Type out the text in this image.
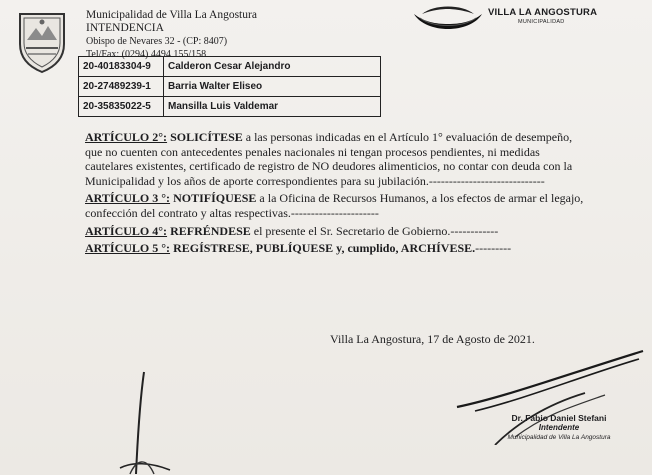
Municipalidad de Villa La Angostura
INTENDENCIA
Obispo de Nevares 32 - (CP: 8407)
Tel/Fax: (0294) 4494 155/158
VILLA LA ANGOSTURA
MUNICIPALIDAD
20-40183304-9	Calderon Cesar Alejandro
20-27489239-1	Barria Walter Eliseo
20-35835022-5	Mansilla Luis Valdemar

ARTÍCULO 2°: SOLICÍTESE a las personas indicadas en el Artículo 1° evaluación de desempeño, que no cuenten con antecedentes penales nacionales ni tengan procesos pendientes, ni medidas cautelares existentes, certificado de registro de NO deudores alimenticios, no contar con deuda con la Municipalidad y los años de aporte correspondientes para su jubilación.-----------------------------

ARTÍCULO 3 °: NOTIFÍQUESE a la Oficina de Recursos Humanos, a los efectos de armar el legajo, confección del contrato y altas respectivas.----------------------

ARTÍCULO 4°: REFRÉNDESE el presente el Sr. Secretario de Gobierno.------------

ARTÍCULO 5 °: REGÍSTRESE, PUBLÍQUESE y, cumplido, ARCHÍVESE.---------

Villa La Angostura, 17 de Agosto de 2021.
Dr. Fabio Daniel Stefani
Intendente
Municipalidad de Villa La Angostura
